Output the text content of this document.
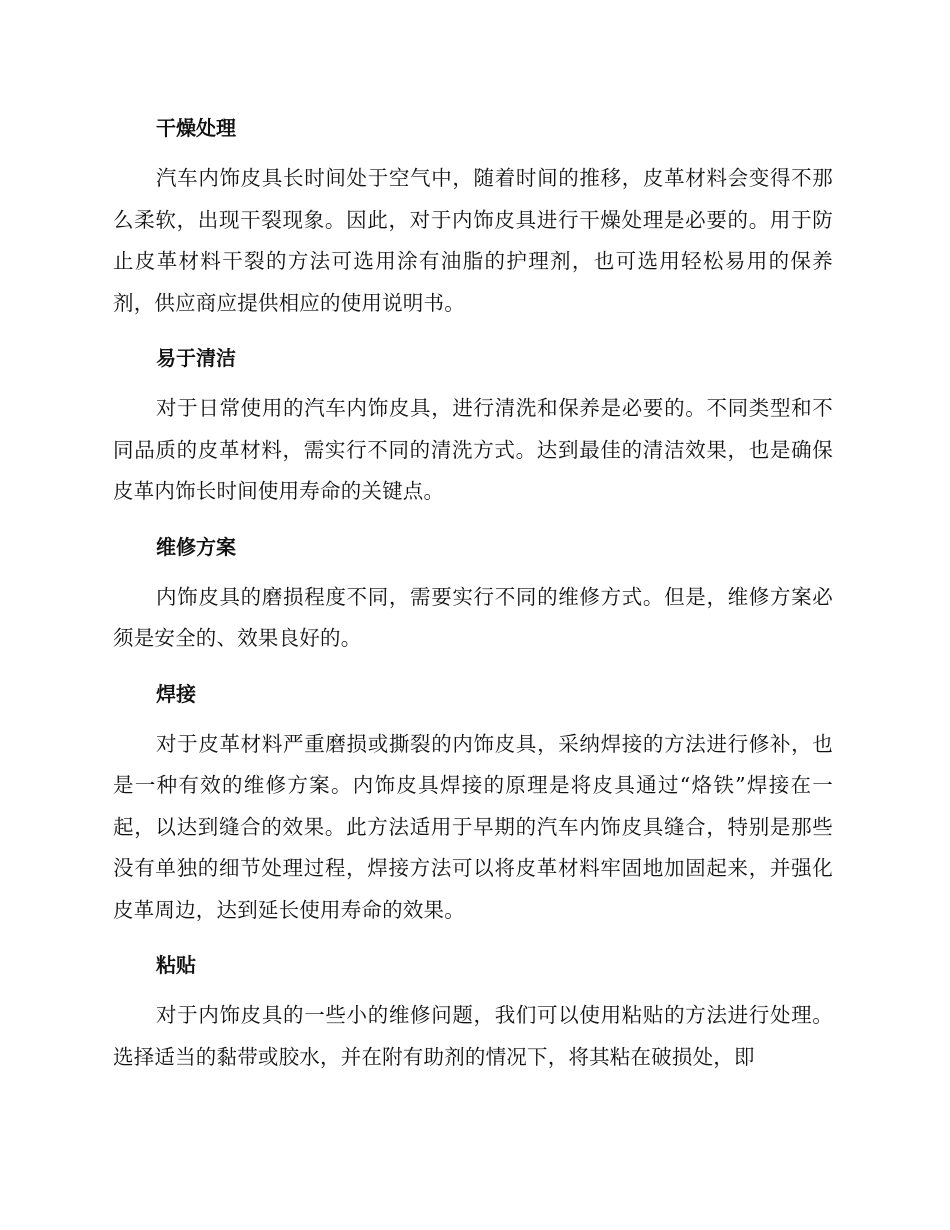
干燥处理

汽车内饰皮具长时间处于空气中，随着时间的推移，皮革材料会变得不那么柔软，出现干裂现象。因此，对于内饰皮具进行干燥处理是必要的。用于防止皮革材料干裂的方法可选用涂有油脂的护理剂，也可选用轻松易用的保养剂，供应商应提供相应的使用说明书。

易于清洁

对于日常使用的汽车内饰皮具，进行清洗和保养是必要的。不同类型和不同品质的皮革材料，需实行不同的清洗方式。达到最佳的清洁效果，也是确保皮革内饰长时间使用寿命的关键点。

维修方案

内饰皮具的磨损程度不同，需要实行不同的维修方式。但是，维修方案必须是安全的、效果良好的。

焊接

对于皮革材料严重磨损或撕裂的内饰皮具，采纳焊接的方法进行修补，也是一种有效的维修方案。内饰皮具焊接的原理是将皮具通过“烙铁”焊接在一起，以达到缝合的效果。此方法适用于早期的汽车内饰皮具缝合，特别是那些没有单独的细节处理过程，焊接方法可以将皮革材料牢固地加固起来，并强化皮革周边，达到延长使用寿命的效果。

粘贴

对于内饰皮具的一些小的维修问题，我们可以使用粘贴的方法进行处理。选择适当的黏带或胶水，并在附有助剂的情况下，将其粘在破损处，即
